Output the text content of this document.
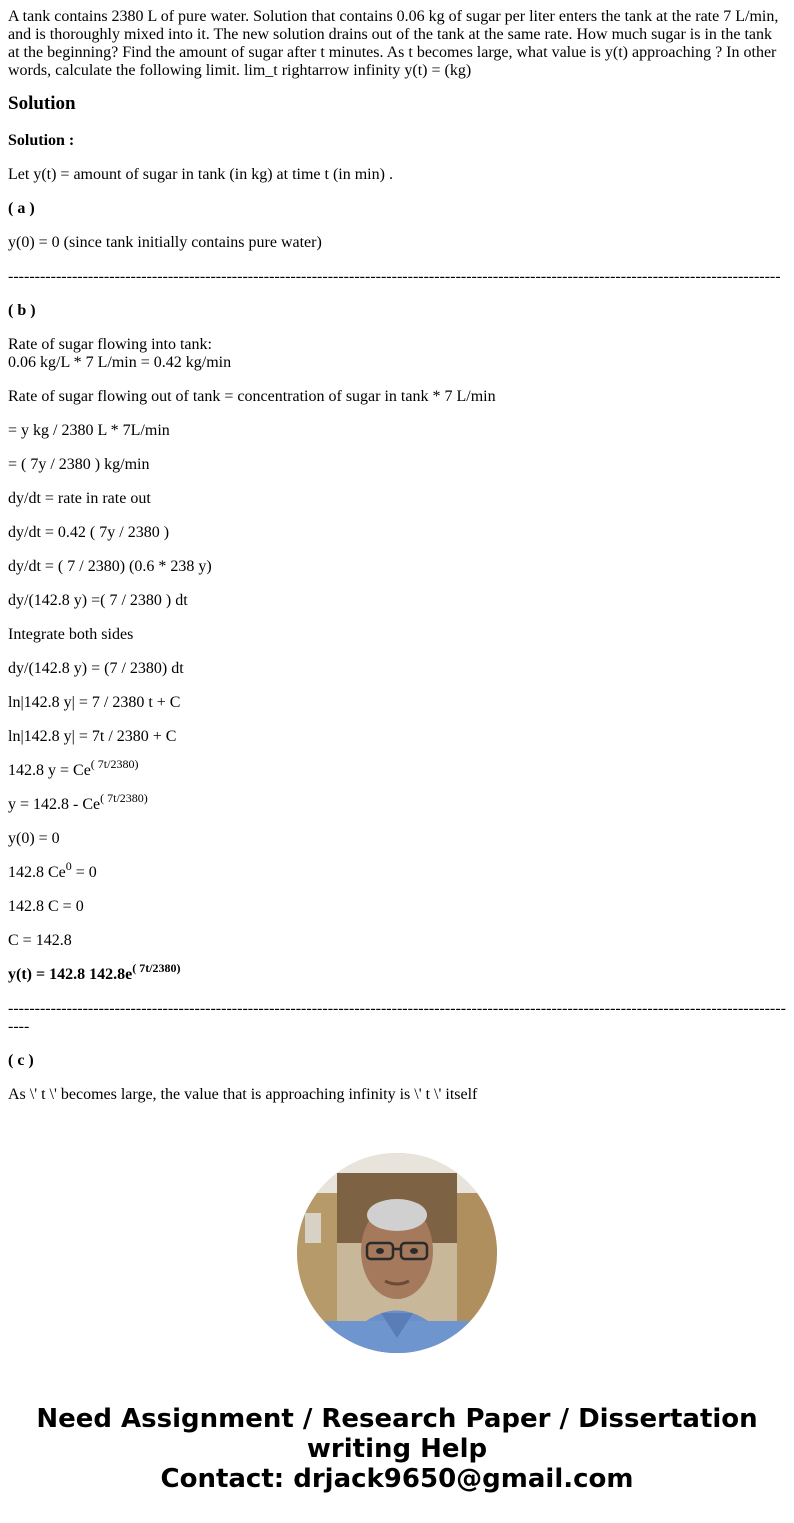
A tank contains 2380 L of pure water. Solution that contains 0.06 kg of sugar per liter enters the tank at the rate 7 L/min, and is thoroughly mixed into it. The new solution drains out of the tank at the same rate. How much sugar is in the tank at the beginning? Find the amount of sugar after t minutes. As t becomes large, what value is y(t) approaching ? In other words, calculate the following limit. lim_t rightarrow infinity y(t) = (kg)

Solution

Solution :

Let y(t) = amount of sugar in tank (in kg) at time t (in min) .

( a )

y(0) = 0 (since tank initially contains pure water)

-------------------------------------------------------------------------------------------------------------------------------------------------

( b )

Rate of sugar flowing into tank:
0.06 kg/L * 7 L/min = 0.42 kg/min

Rate of sugar flowing out of tank = concentration of sugar in tank * 7 L/min

= y kg / 2380 L * 7L/min

= ( 7y / 2380 ) kg/min

dy/dt = rate in rate out

dy/dt = 0.42 ( 7y / 2380 )

dy/dt = ( 7 / 2380) (0.6 * 238 y)

dy/(142.8 y) =( 7 / 2380 ) dt

Integrate both sides

dy/(142.8 y) = (7 / 2380) dt

ln|142.8 y| = 7 / 2380 t + C

ln|142.8 y| = 7t / 2380 + C

142.8 $y = Ce^{( 7t/2380)}$

$y = 142.8 - Ce^{( 7t/2380)}$

y(0) = 0

142.8 $Ce^0 = 0$

142.8 C = 0

C = 142.8

y(t) = 142.8 $142.8e^{( 7t/2380)}$

------------------------------------------------------------------------------------------------------------------------------------------------------

( c )

As \' t \' becomes large, the value that is approaching infinity is \' t \' itself

Need Assignment / Research Paper / Dissertation
writing Help
Contact: drjack9650@gmail.com
